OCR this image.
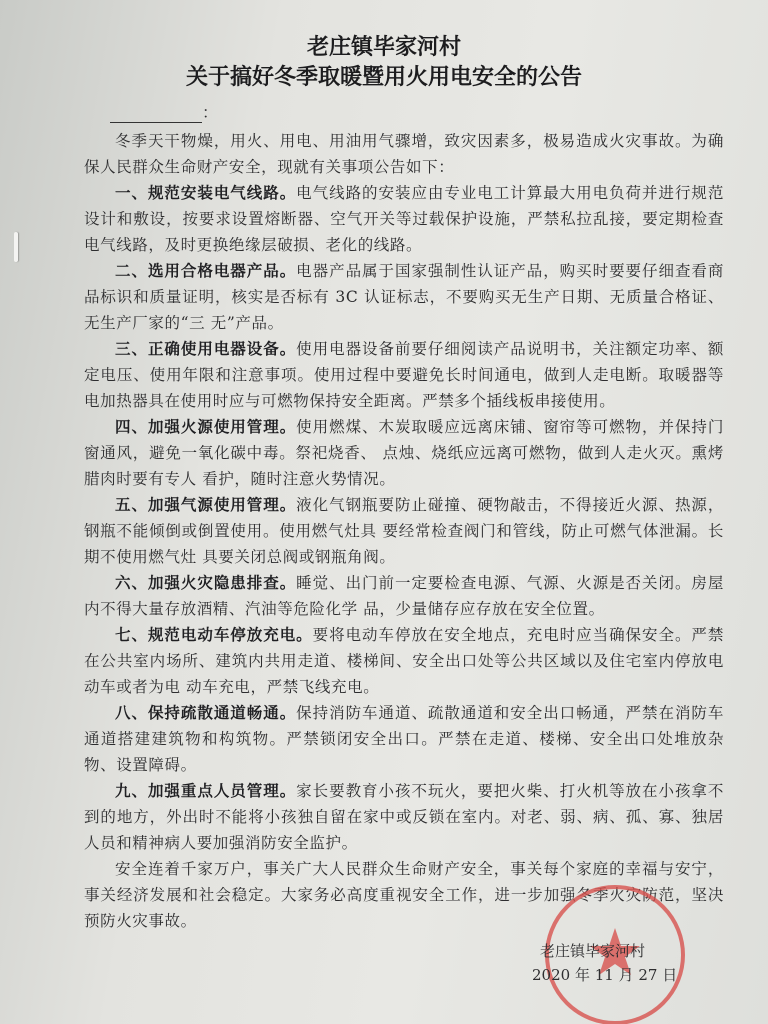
老庄镇毕家河村
关于搞好冬季取暖暨用火用电安全的公告
：

冬季天干物燥，用火、用电、用油用气骤增，致灾因素多，极易造成火灾事故。为确保人民群众生命财产安全，现就有关事项公告如下：

一、规范安装电气线路。电气线路的安装应由专业电工计算最大用电负荷并进行规范设计和敷设，按要求设置熔断器、空气开关等过载保护设施，严禁私拉乱接，要定期检查电气线路，及时更换绝缘层破损、老化的线路。

二、选用合格电器产品。电器产品属于国家强制性认证产品，购买时要要仔细查看商品标识和质量证明，核实是否标有 3C 认证标志，不要购买无生产日期、无质量合格证、无生产厂家的“三 无”产品。

三、正确使用电器设备。使用电器设备前要仔细阅读产品说明书，关注额定功率、额定电压、使用年限和注意事项。使用过程中要避免长时间通电，做到人走电断。取暖器等电加热器具在使用时应与可燃物保持安全距离。严禁多个插线板串接使用。

四、加强火源使用管理。使用燃煤、木炭取暖应远离床铺、窗帘等可燃物，并保持门窗通风，避免一氧化碳中毒。祭祀烧香、 点烛、烧纸应远离可燃物，做到人走火灭。熏烤腊肉时要有专人 看护，随时注意火势情况。

五、加强气源使用管理。液化气钢瓶要防止碰撞、硬物敲击，不得接近火源、热源，钢瓶不能倾倒或倒置使用。使用燃气灶具 要经常检查阀门和管线，防止可燃气体泄漏。长期不使用燃气灶 具要关闭总阀或钢瓶角阀。

六、加强火灾隐患排查。睡觉、出门前一定要检查电源、气源、火源是否关闭。房屋内不得大量存放酒精、汽油等危险化学 品，少量储存应存放在安全位置。

七、规范电动车停放充电。要将电动车停放在安全地点，充电时应当确保安全。严禁在公共室内场所、建筑内共用走道、楼梯间、安全出口处等公共区域以及住宅室内停放电动车或者为电 动车充电，严禁飞线充电。

八、保持疏散通道畅通。保持消防车通道、疏散通道和安全出口畅通，严禁在消防车通道搭建建筑物和构筑物。严禁锁闭安全出口。严禁在走道、楼梯、安全出口处堆放杂物、设置障碍。

九、加强重点人员管理。家长要教育小孩不玩火，要把火柴、打火机等放在小孩拿不到的地方，外出时不能将小孩独自留在家中或反锁在室内。对老、弱、病、孤、寡、独居人员和精神病人要加强消防安全监护。

安全连着千家万户，事关广大人民群众生命财产安全，事关每个家庭的幸福与安宁，事关经济发展和社会稳定。大家务必高度重视安全工作，进一步加强冬季火灾防范，坚决预防火灾事故。

老庄镇毕家河村
2020 年 11 月 27 日
